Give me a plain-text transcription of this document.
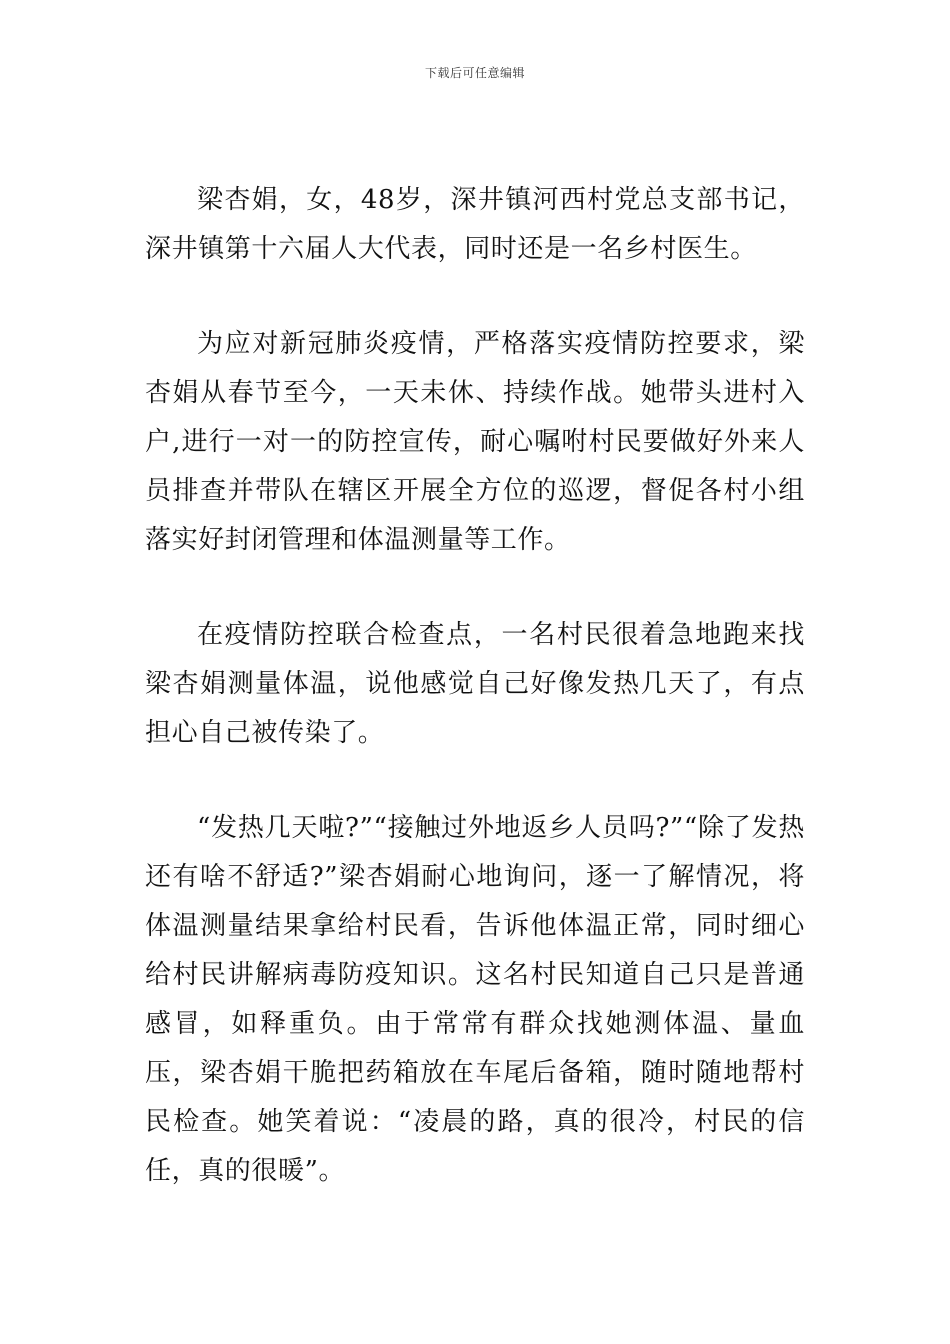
下载后可任意编辑

梁杏娟，女，48岁，深井镇河西村党总支部书记，深井镇第十六届人大代表，同时还是一名乡村医生。

为应对新冠肺炎疫情，严格落实疫情防控要求，梁杏娟从春节至今，一天未休、持续作战。她带头进村入户,进行一对一的防控宣传，耐心嘱咐村民要做好外来人员排查并带队在辖区开展全方位的巡逻，督促各村小组落实好封闭管理和体温测量等工作。

在疫情防控联合检查点，一名村民很着急地跑来找梁杏娟测量体温，说他感觉自己好像发热几天了，有点担心自己被传染了。

“发热几天啦?”“接触过外地返乡人员吗?”“除了发热还有啥不舒适?”梁杏娟耐心地询问，逐一了解情况，将体温测量结果拿给村民看，告诉他体温正常，同时细心给村民讲解病毒防疫知识。这名村民知道自己只是普通感冒，如释重负。由于常常有群众找她测体温、量血压，梁杏娟干脆把药箱放在车尾后备箱，随时随地帮村民检查。她笑着说：“凌晨的路，真的很冷，村民的信任，真的很暖”。
